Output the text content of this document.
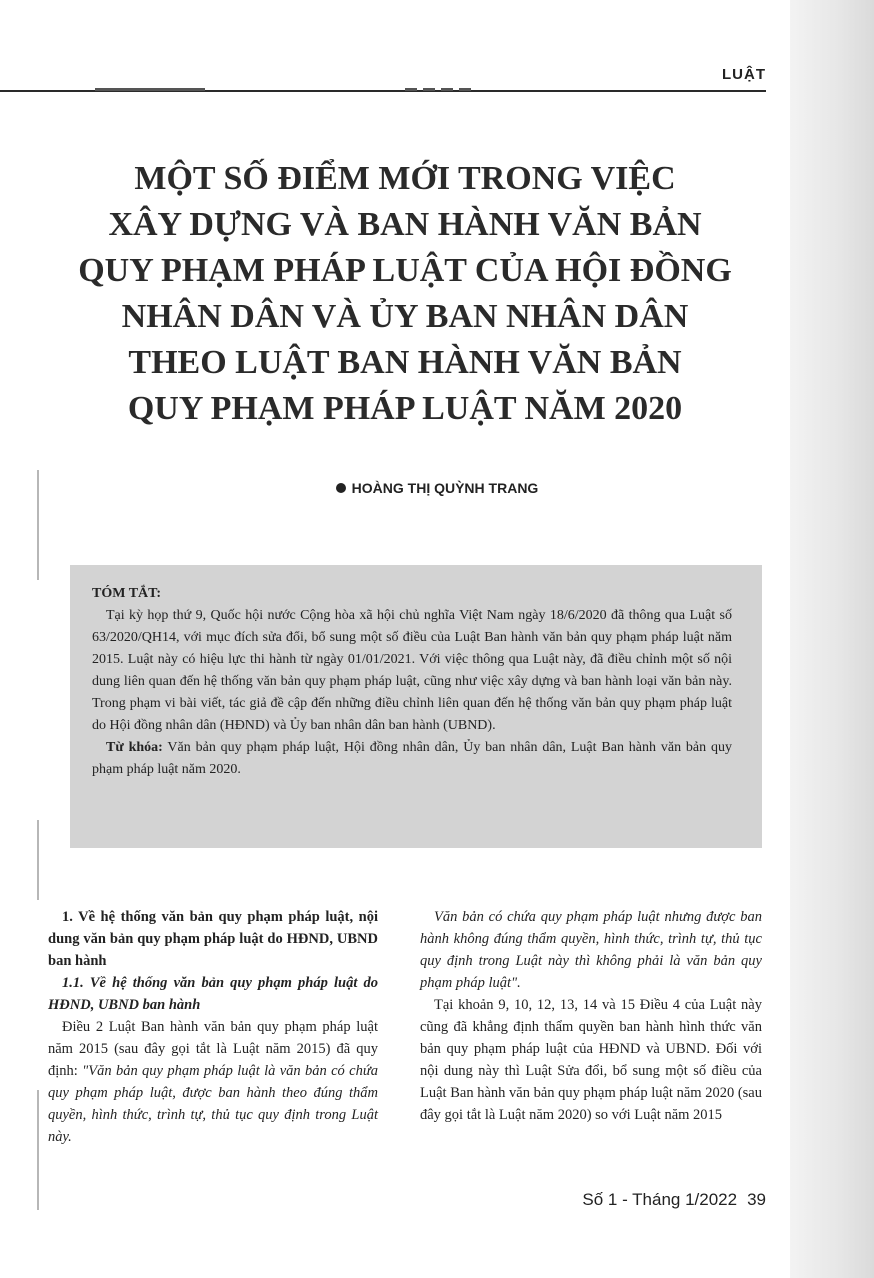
LUẬT
MỘT SỐ ĐIỂM MỚI TRONG VIỆC
XÂY DỰNG VÀ BAN HÀNH VĂN BẢN
QUY PHẠM PHÁP LUẬT CỦA HỘI ĐỒNG
NHÂN DÂN VÀ ỦY BAN NHÂN DÂN
THEO LUẬT BAN HÀNH VĂN BẢN
QUY PHẠM PHÁP LUẬT NĂM 2020
HOÀNG THỊ QUỲNH TRANG
TÓM TẮT:

Tại kỳ họp thứ 9, Quốc hội nước Cộng hòa xã hội chủ nghĩa Việt Nam ngày 18/6/2020 đã thông qua Luật số 63/2020/QH14, với mục đích sửa đổi, bổ sung một số điều của Luật Ban hành văn bản quy phạm pháp luật năm 2015. Luật này có hiệu lực thi hành từ ngày 01/01/2021. Với việc thông qua Luật này, đã điều chỉnh một số nội dung liên quan đến hệ thống văn bản quy phạm pháp luật, cũng như việc xây dựng và ban hành loại văn bản này. Trong phạm vi bài viết, tác giả đề cập đến những điều chỉnh liên quan đến hệ thống văn bản quy phạm pháp luật do Hội đồng nhân dân (HĐND) và Ủy ban nhân dân ban hành (UBND).

Từ khóa: Văn bản quy phạm pháp luật, Hội đồng nhân dân, Ủy ban nhân dân, Luật Ban hành văn bản quy phạm pháp luật năm 2020.

1. Về hệ thống văn bản quy phạm pháp luật, nội dung văn bản quy phạm pháp luật do HĐND, UBND ban hành

1.1. Về hệ thống văn bản quy phạm pháp luật do HĐND, UBND ban hành

Điều 2 Luật Ban hành văn bản quy phạm pháp luật năm 2015 (sau đây gọi tắt là Luật năm 2015) đã quy định: "Văn bản quy phạm pháp luật là văn bản có chứa quy phạm pháp luật, được ban hành theo đúng thẩm quyền, hình thức, trình tự, thủ tục quy định trong Luật này.

Văn bản có chứa quy phạm pháp luật nhưng được ban hành không đúng thẩm quyền, hình thức, trình tự, thủ tục quy định trong Luật này thì không phải là văn bản quy phạm pháp luật".

Tại khoản 9, 10, 12, 13, 14 và 15 Điều 4 của Luật này cũng đã khẳng định thẩm quyền ban hành hình thức văn bản quy phạm pháp luật của HĐND và UBND. Đối với nội dung này thì Luật Sửa đổi, bổ sung một số điều của Luật Ban hành văn bản quy phạm pháp luật năm 2020 (sau đây gọi tắt là Luật năm 2020) so với Luật năm 2015

Số 1 - Tháng 1/2022 39
